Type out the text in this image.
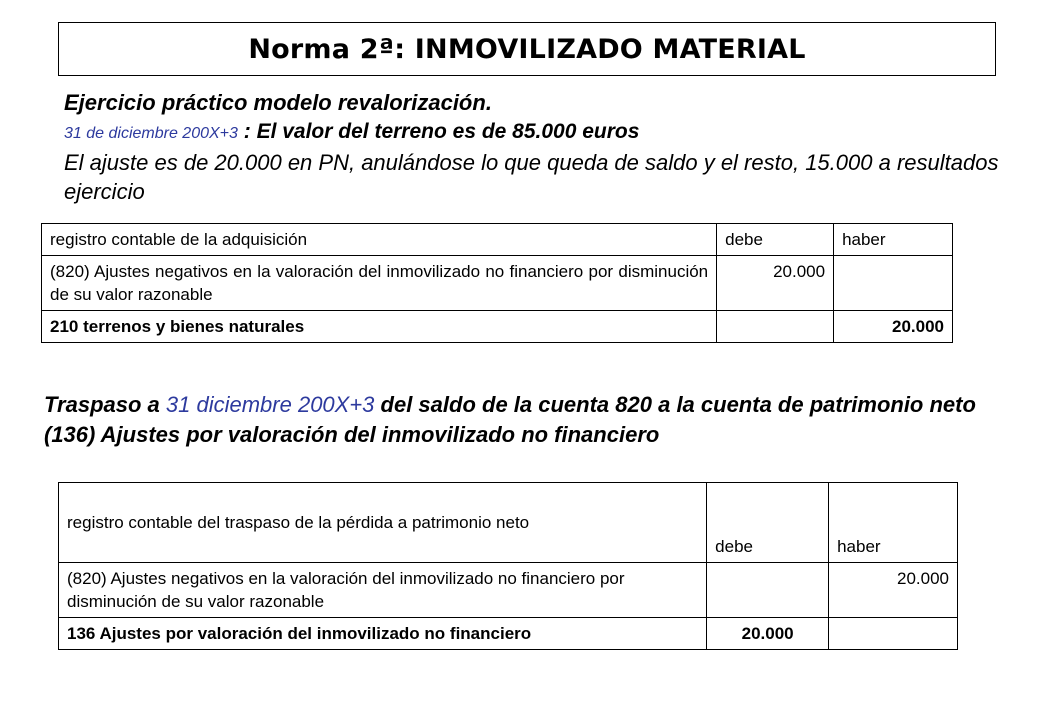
Norma 2ª: INMOVILIZADO MATERIAL
Ejercicio práctico modelo revalorización.
31 de diciembre 200X+3 : El valor del terreno es de 85.000 euros
El ajuste es de 20.000 en PN, anulándose lo que queda de saldo y el resto, 15.000 a resultados ejercicio
registro contable de la adquisición	debe	haber
(820) Ajustes negativos en la valoración del inmovilizado no financiero por disminución de su valor razonable	20.000	
210 terrenos y bienes naturales		20.000
Traspaso a 31 diciembre 200X+3 del saldo de la cuenta 820 a la cuenta de patrimonio neto (136) Ajustes por valoración del inmovilizado no financiero
registro contable del traspaso de la pérdida a patrimonio neto	debe	haber
(820) Ajustes negativos en la valoración del inmovilizado no financiero por disminución de su valor razonable		20.000
136 Ajustes por valoración del inmovilizado no financiero	20.000	
